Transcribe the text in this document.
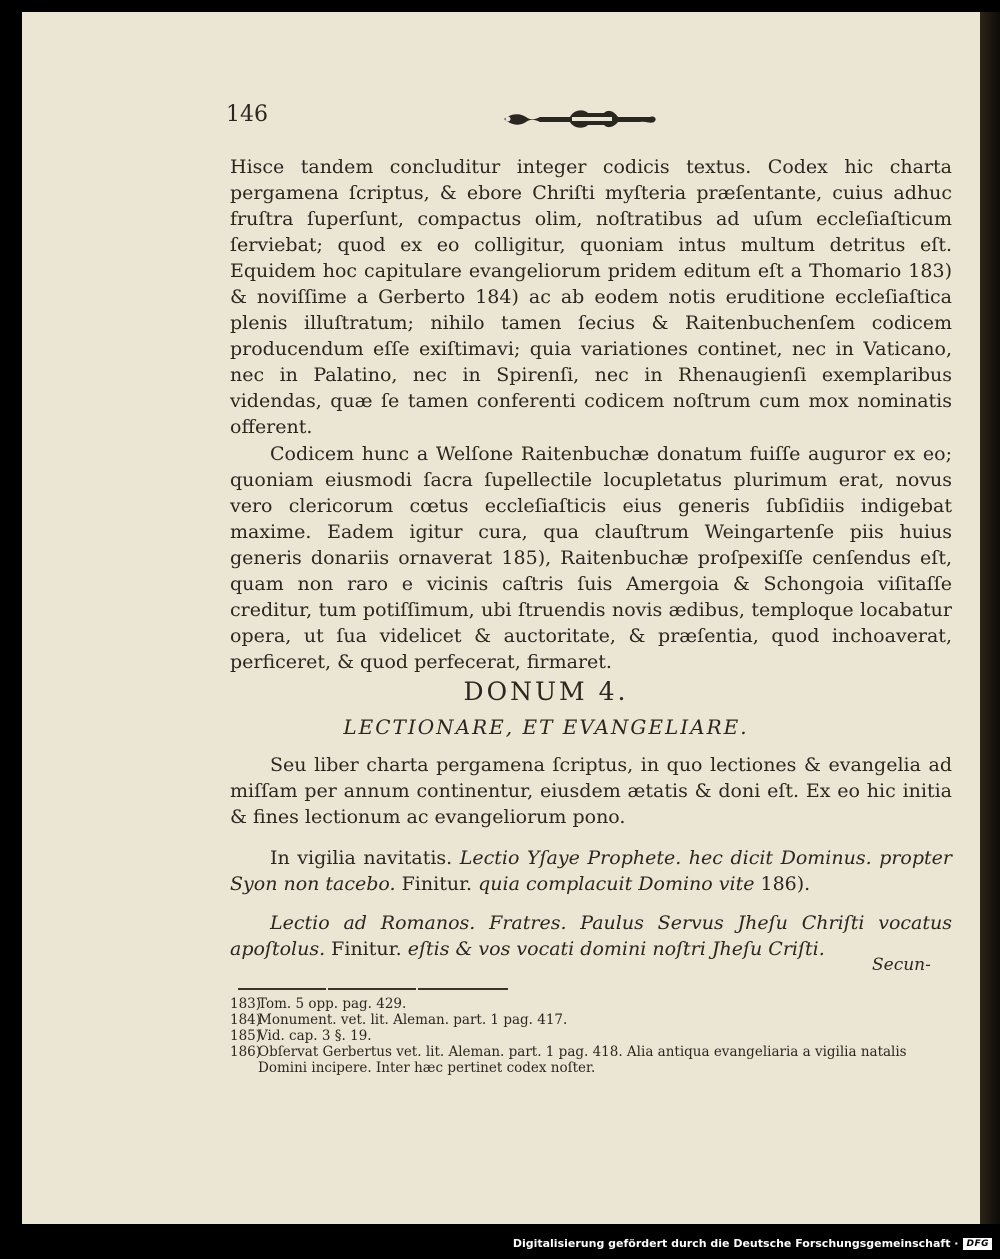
146

Hisce tandem concluditur integer codicis textus. Codex hic charta pergamena ſcriptus, & ebore Chriſti myſteria præſentante, cuius adhuc fruſtra ſuperſunt, compactus olim, noſtratibus ad uſum eccleſiaſticum ſerviebat; quod ex eo colligitur, quoniam intus multum detritus eſt. Equidem hoc capitulare evangeliorum pridem editum eſt a Thomario 183) & noviſſime a Gerberto 184) ac ab eodem notis eruditione eccleſiaſtica plenis illuſtratum; nihilo tamen ſecius & Raitenbuchenſem codicem producendum eſſe exiſtimavi; quia variationes continet, nec in Vaticano, nec in Palatino, nec in Spirenſi, nec in Rhenaugienſi exemplaribus videndas, quæ ſe tamen conferenti codicem noſtrum cum mox nominatis offerent.

Codicem hunc a Welſone Raitenbuchæ donatum fuiſſe auguror ex eo; quoniam eiusmodi ſacra ſupellectile locupletatus plurimum erat, novus vero clericorum cœtus eccleſiaſticis eius generis ſubſidiis indigebat maxime. Eadem igitur cura, qua clauſtrum Weingartenſe piis huius generis donariis ornaverat 185), Raitenbuchæ proſpexiſſe cenſendus eſt, quam non raro e vicinis caſtris ſuis Amergoia & Schongoia viſitaſſe creditur, tum potiſſimum, ubi ſtruendis novis ædibus, temploque locabatur opera, ut ſua videlicet & auctoritate, & præſentia, quod inchoaverat, perficeret, & quod perfecerat, firmaret.

DONUM 4.
LECTIONARE, ET EVANGELIARE.

Seu liber charta pergamena ſcriptus, in quo lectiones & evangelia ad miſſam per annum continentur, eiusdem ætatis & doni eſt. Ex eo hic initia & fines lectionum ac evangeliorum pono.

In vigilia navitatis. Lectio Yſaye Prophete. hec dicit Dominus. propter Syon non tacebo. Finitur. quia complacuit Domino vite 186).

Lectio ad Romanos. Fratres. Paulus Servus Jheſu Chriſti vocatus apoſtolus. Finitur. eſtis & vos vocati domini noſtri Jheſu Criſti.

Secun-

183)Tom. 5 opp. pag. 429.

184)Monument. vet. lit. Aleman. part. 1 pag. 417.

185)Vid. cap. 3 §. 19.

186)Obſervat Gerbertus vet. lit. Aleman. part. 1 pag. 418. Alia antiqua evangeliaria a vigilia natalis Domini incipere. Inter hæc pertinet codex noſter.

Digitalisierung gefördert durch die Deutsche Forschungsgemeinschaft · DFG
